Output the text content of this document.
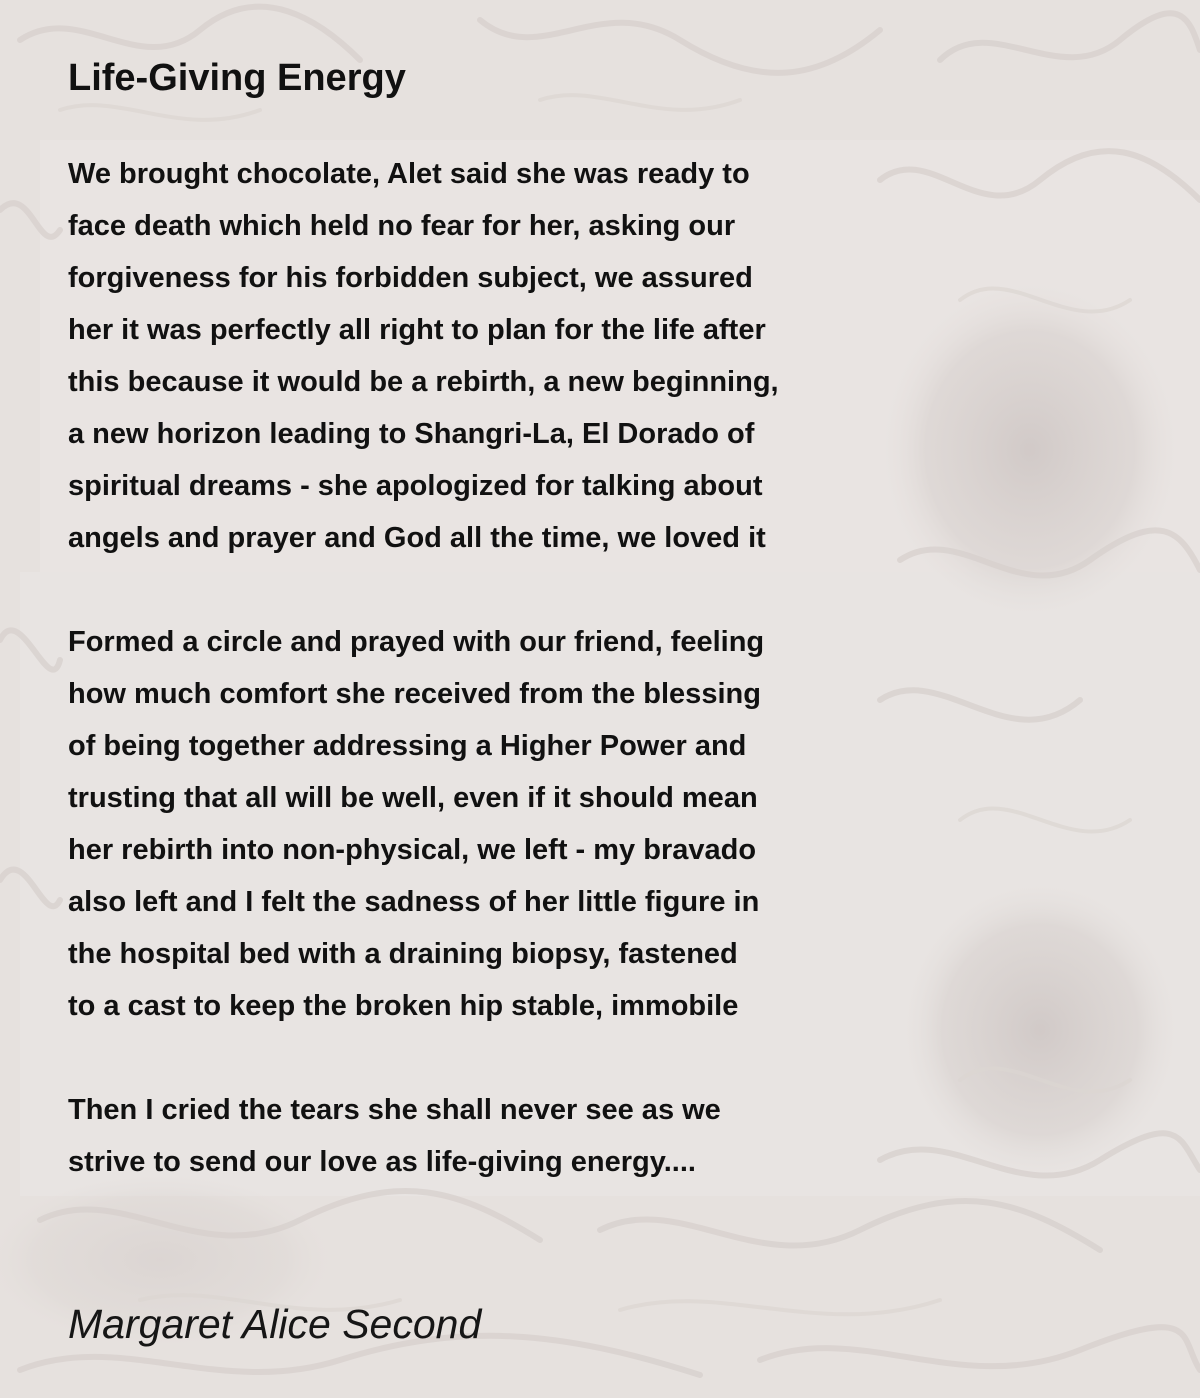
Life-Giving Energy
We brought chocolate, Alet said she was ready to
face death which held no fear for her, asking our
forgiveness for his forbidden subject, we assured
her it was perfectly all right to plan for the life after
this because it would be a rebirth, a new beginning,
a new horizon leading to Shangri-La, El Dorado of
spiritual dreams - she apologized for talking about
angels and prayer and God all the time, we loved it
Formed a circle and prayed with our friend, feeling
how much comfort she received from the blessing
of being together addressing a Higher Power and
trusting that all will be well, even if it should mean
her rebirth into non-physical, we left - my bravado
also left and I felt the sadness of her little figure in
the hospital bed with a draining biopsy, fastened
to a cast to keep the broken hip stable, immobile
Then I cried the tears she shall never see as we
strive to send our love as life-giving energy....

Margaret Alice Second
